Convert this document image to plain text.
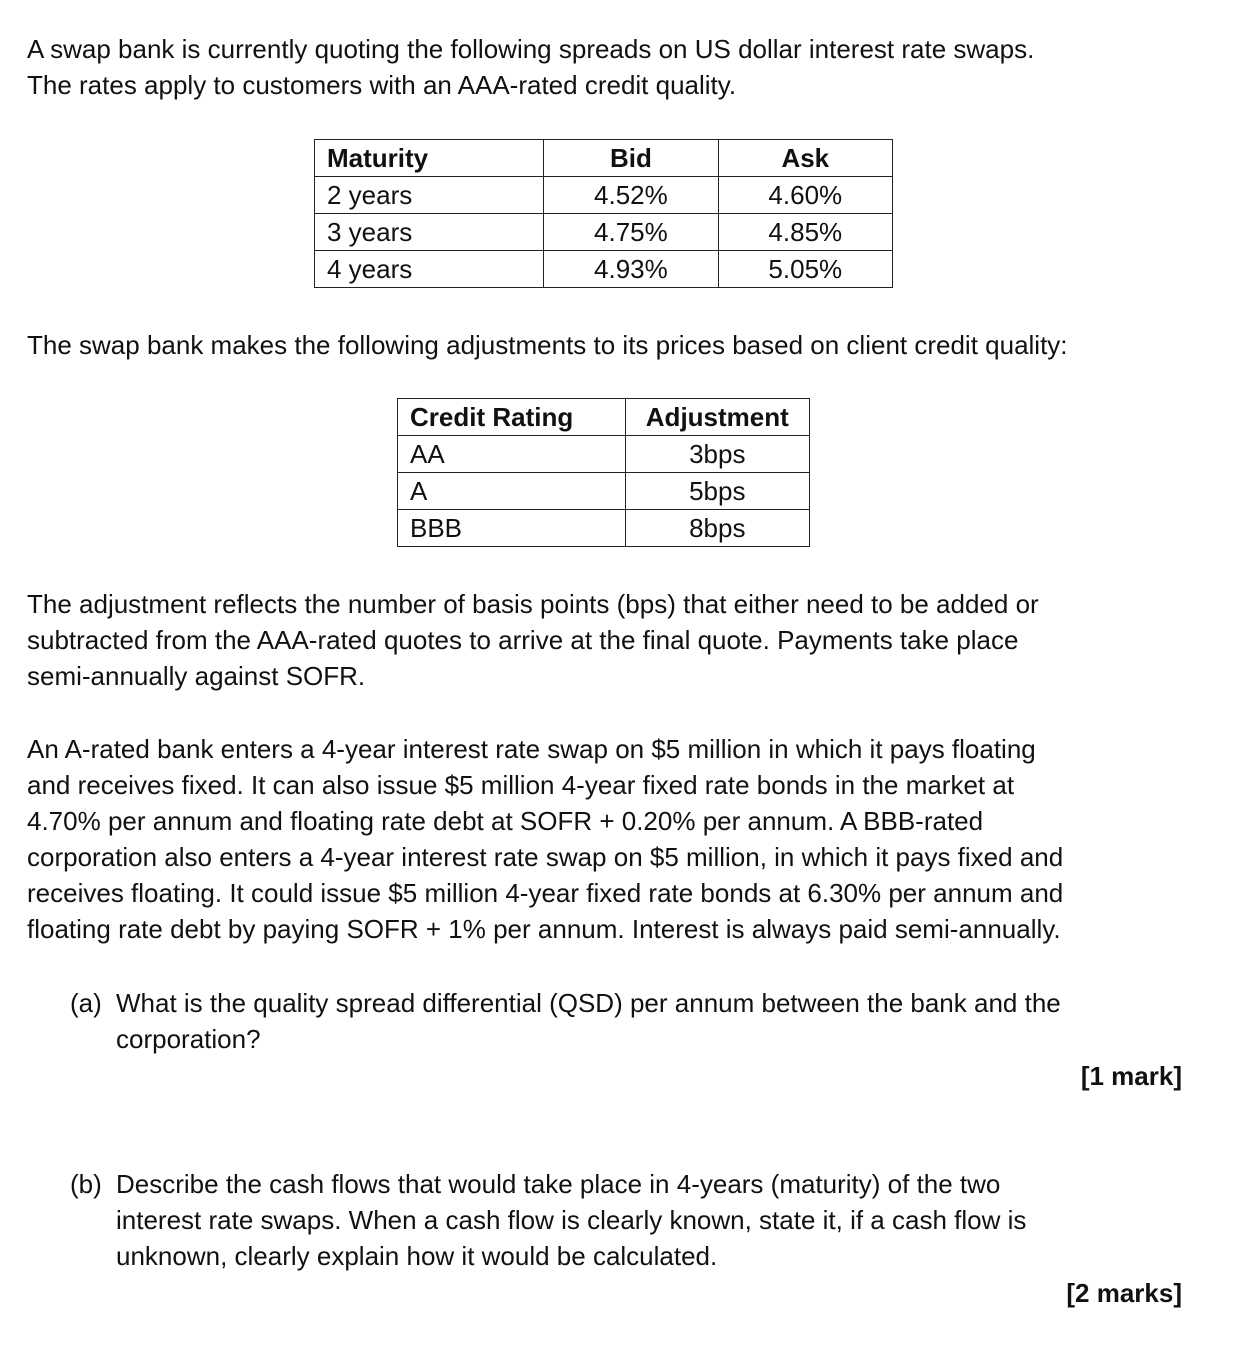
A swap bank is currently quoting the following spreads on US dollar interest rate swaps.
The rates apply to customers with an AAA-rated credit quality.

Maturity	Bid	Ask
2 years	4.52%	4.60%
3 years	4.75%	4.85%
4 years	4.93%	5.05%

The swap bank makes the following adjustments to its prices based on client credit quality:

Credit Rating	Adjustment
AA	3bps
A	5bps
BBB	8bps

The adjustment reflects the number of basis points (bps) that either need to be added or
subtracted from the AAA-rated quotes to arrive at the final quote. Payments take place
semi-annually against SOFR.

An A-rated bank enters a 4-year interest rate swap on $5 million in which it pays floating
and receives fixed. It can also issue $5 million 4-year fixed rate bonds in the market at
4.70% per annum and floating rate debt at SOFR + 0.20% per annum. A BBB-rated
corporation also enters a 4-year interest rate swap on $5 million, in which it pays fixed and
receives floating. It could issue $5 million 4-year fixed rate bonds at 6.30% per annum and
floating rate debt by paying SOFR + 1% per annum. Interest is always paid semi-annually.

(a) What is the quality spread differential (QSD) per annum between the bank and the
corporation?
[1 mark]
(b) Describe the cash flows that would take place in 4-years (maturity) of the two
interest rate swaps. When a cash flow is clearly known, state it, if a cash flow is
unknown, clearly explain how it would be calculated.
[2 marks]
